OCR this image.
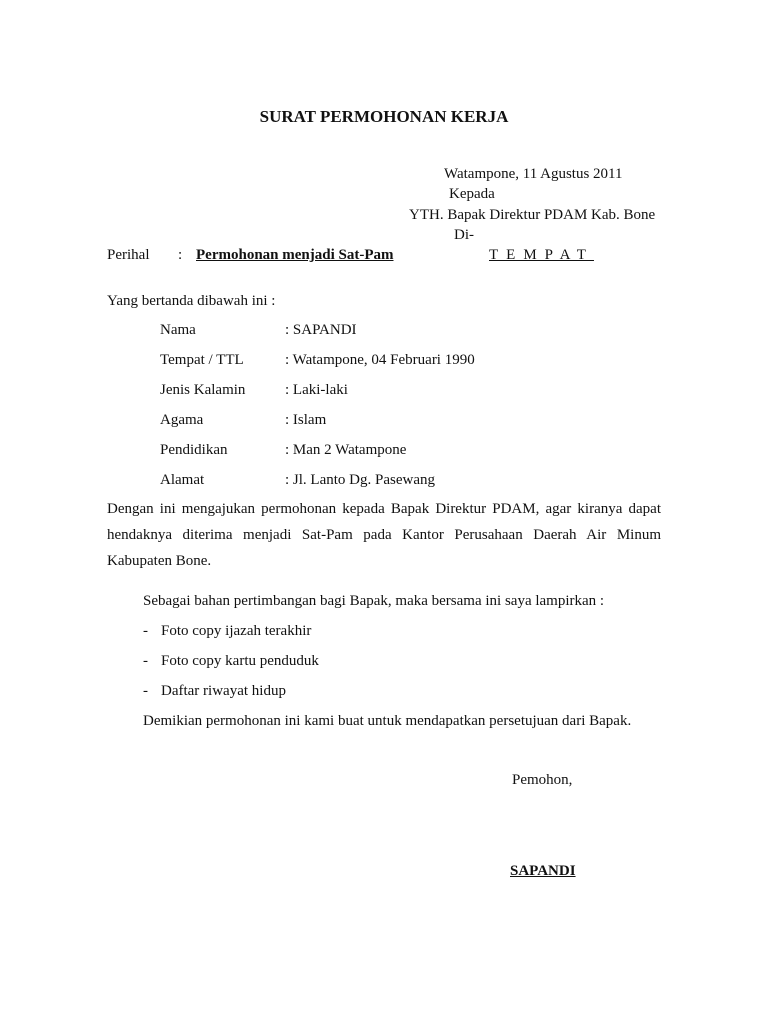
SURAT PERMOHONAN KERJA
Watampone, 11 Agustus 2011
Kepada
YTH. Bapak Direktur PDAM Kab. Bone
Di-
Perihal : Permohonan menjadi Sat-Pam	TEMPAT
Yang bertanda dibawah ini :
Nama	: SAPANDI
Tempat / TTL	: Watampone, 04 Februari 1990
Jenis Kalamin	: Laki-laki
Agama	: Islam
Pendidikan	: Man 2 Watampone
Alamat	: Jl. Lanto Dg. Pasewang
Dengan ini mengajukan permohonan kepada Bapak Direktur PDAM, agar kiranya dapat hendaknya diterima menjadi Sat-Pam pada Kantor Perusahaan Daerah Air Minum Kabupaten Bone.
Sebagai bahan pertimbangan bagi Bapak, maka bersama ini saya lampirkan :
- Foto copy ijazah terakhir
- Foto copy kartu penduduk
- Daftar riwayat hidup
Demikian permohonan ini kami buat untuk mendapatkan persetujuan dari Bapak.
Pemohon,
SAPANDI
